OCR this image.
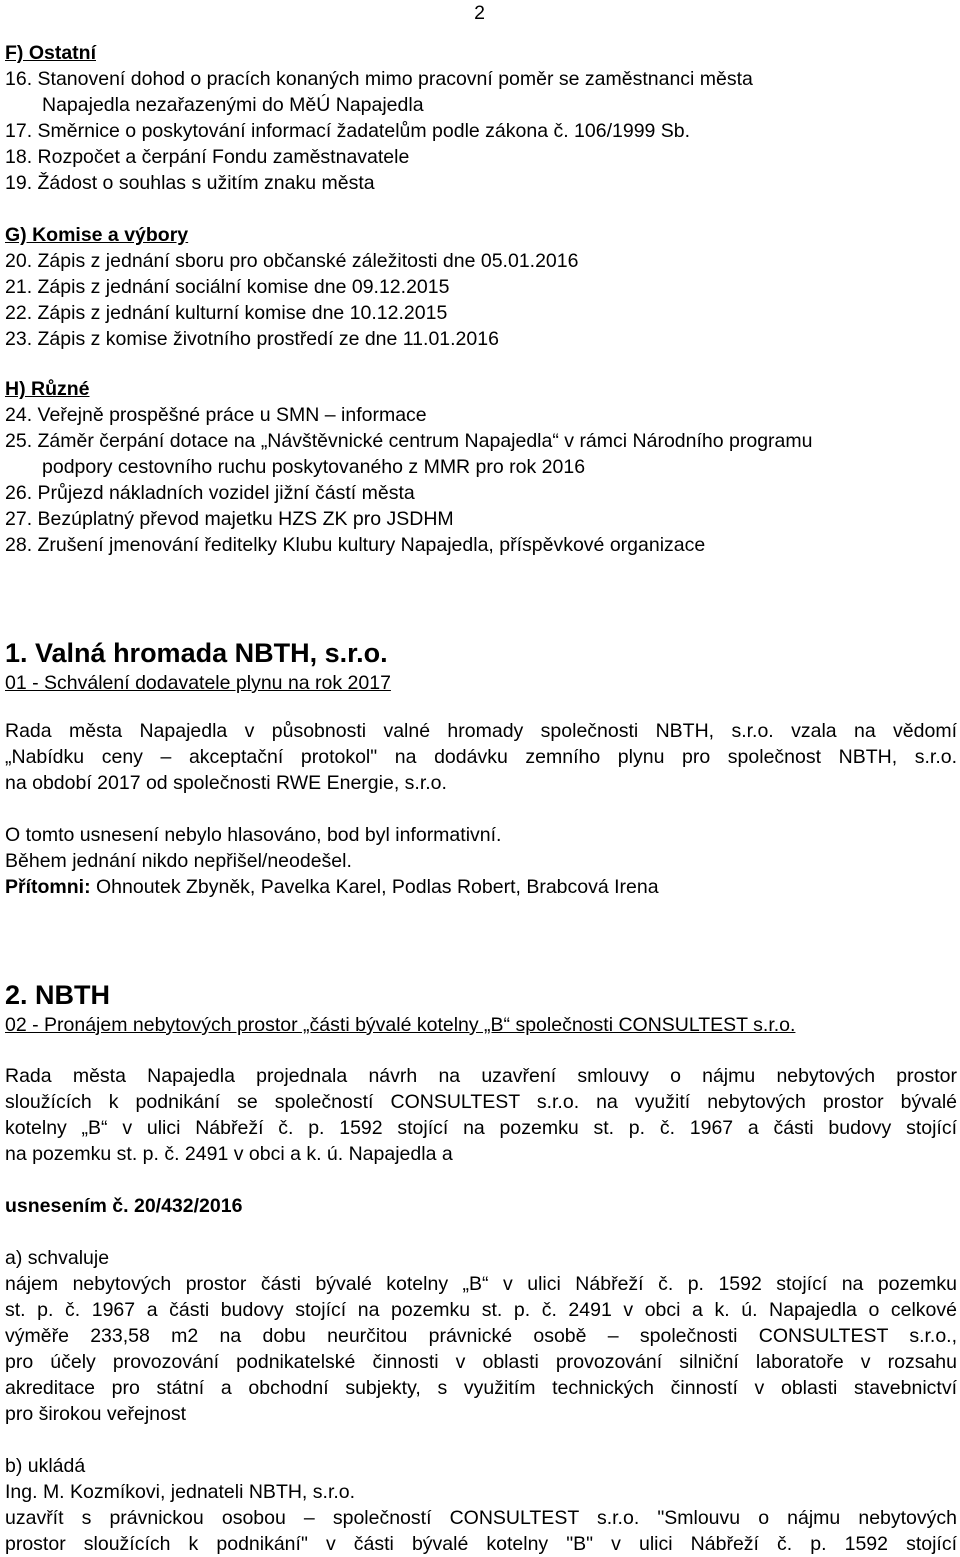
2

F) Ostatní

16. Stanovení dohod o pracích konaných mimo pracovní poměr se zaměstnanci města

Napajedla nezařazenými do MěÚ Napajedla

17. Směrnice o poskytování informací žadatelům podle zákona č. 106/1999 Sb.

18. Rozpočet a čerpání Fondu zaměstnavatele

19. Žádost o souhlas s užitím znaku města

G) Komise a výbory

20. Zápis z jednání sboru pro občanské záležitosti dne 05.01.2016

21. Zápis z jednání sociální komise dne 09.12.2015

22. Zápis z jednání kulturní komise dne 10.12.2015

23. Zápis z komise životního prostředí ze dne 11.01.2016

H) Různé

24. Veřejně prospěšné práce u SMN – informace

25. Záměr čerpání dotace na „Návštěvnické centrum Napajedla“ v rámci Národního programu

podpory cestovního ruchu poskytovaného z MMR pro rok 2016

26. Průjezd nákladních vozidel jižní částí města

27. Bezúplatný převod majetku HZS ZK pro JSDHM

28. Zrušení jmenování ředitelky Klubu kultury Napajedla, příspěvkové organizace

1. Valná hromada NBTH, s.r.o.

01 - Schválení dodavatele plynu na rok 2017

Rada města Napajedla v působnosti valné hromady společnosti NBTH, s.r.o. vzala na vědomí

„Nabídku ceny – akceptační protokol" na dodávku zemního plynu pro společnost NBTH, s.r.o.

na období 2017 od společnosti RWE Energie, s.r.o.

O tomto usnesení nebylo hlasováno, bod byl informativní.

Během jednání nikdo nepřišel/neodešel.

Přítomni: Ohnoutek Zbyněk, Pavelka Karel, Podlas Robert, Brabcová Irena

2. NBTH

02 - Pronájem nebytových prostor „části bývalé kotelny „B“ společnosti CONSULTEST s.r.o.

Rada města Napajedla projednala návrh na uzavření smlouvy o nájmu nebytových prostor

sloužících k podnikání se společností CONSULTEST s.r.o. na využití nebytových prostor bývalé

kotelny „B“ v ulici Nábřeží č. p. 1592 stojící na pozemku st. p. č. 1967 a části budovy stojící

na pozemku st. p. č. 2491 v obci a k. ú. Napajedla a

usnesením č. 20/432/2016

a) schvaluje

nájem nebytových prostor části bývalé kotelny „B“ v ulici Nábřeží č. p. 1592 stojící na pozemku

st. p. č. 1967 a části budovy stojící na pozemku st. p. č. 2491 v obci a k. ú. Napajedla o celkové

výměře 233,58 m2 na dobu neurčitou právnické osobě – společnosti CONSULTEST s.r.o.,

pro účely provozování podnikatelské činnosti v oblasti provozování silniční laboratoře v rozsahu

akreditace pro státní a obchodní subjekty, s využitím technických činností v oblasti stavebnictví

pro širokou veřejnost

b) ukládá

Ing. M. Kozmíkovi, jednateli NBTH, s.r.o.

uzavřít s právnickou osobou – společností CONSULTEST s.r.o. "Smlouvu o nájmu nebytových

prostor sloužících k podnikání" v části bývalé kotelny "B" v ulici Nábřeží č. p. 1592 stojící
